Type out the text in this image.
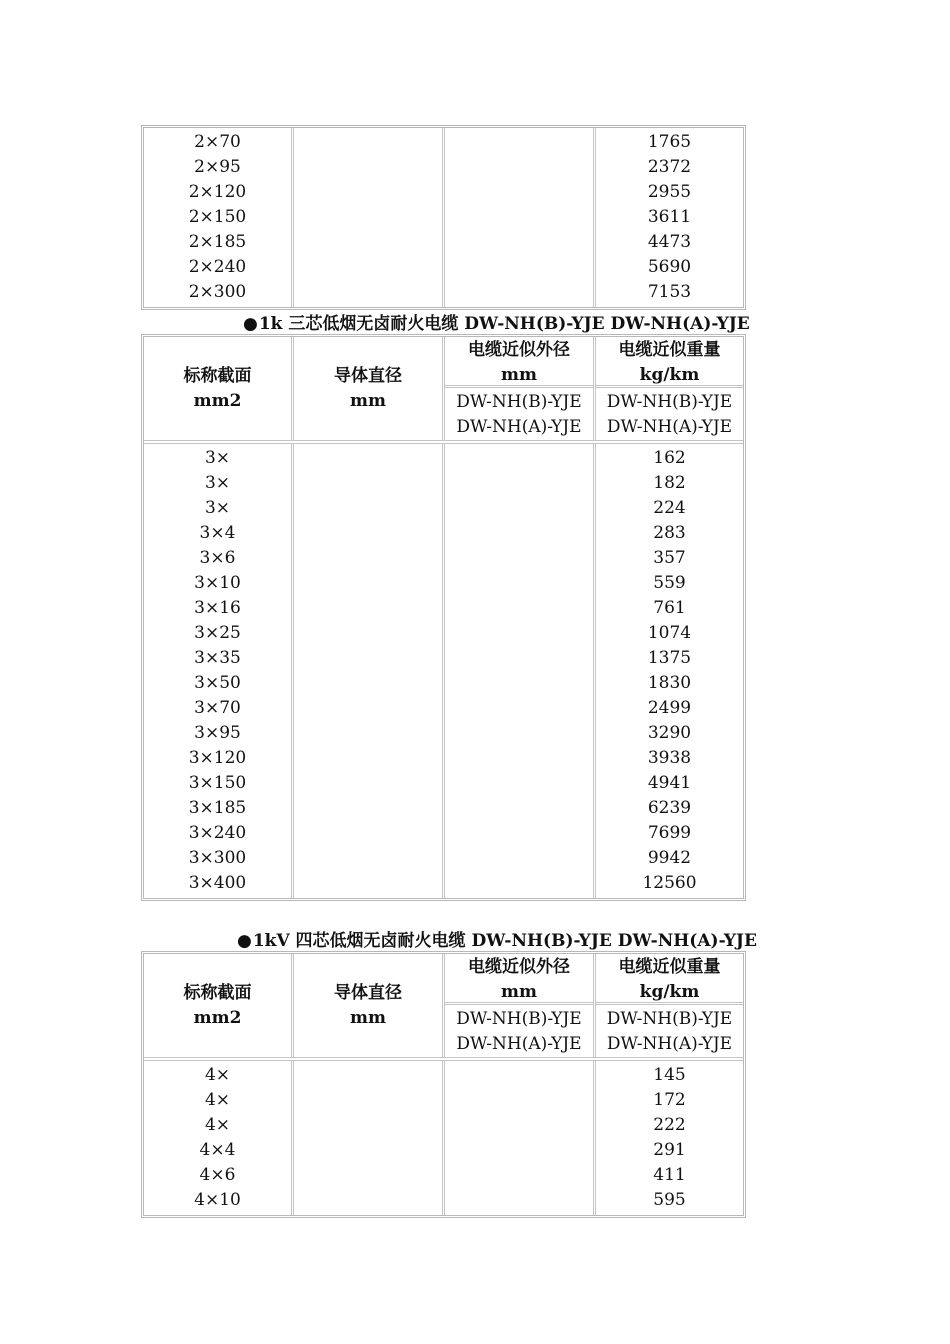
2×70
2×95
2×120
2×150
2×185
2×240
2×300
1765
2372
2955
3611
4473
5690
7153
●1k 三芯低烟无卤耐火电缆 DW-NH(B)-YJE DW-NH(A)-YJE
标称截面
mm2
导体直径
mm
电缆近似外径
mm
DW-NH(B)-YJE
DW-NH(A)-YJE
电缆近似重量
kg/km
DW-NH(B)-YJE
DW-NH(A)-YJE
3×
3×
3×
3×4
3×6
3×10
3×16
3×25
3×35
3×50
3×70
3×95
3×120
3×150
3×185
3×240
3×300
3×400
162
182
224
283
357
559
761
1074
1375
1830
2499
3290
3938
4941
6239
7699
9942
12560
●1kV 四芯低烟无卤耐火电缆 DW-NH(B)-YJE DW-NH(A)-YJE
标称截面
mm2
导体直径
mm
电缆近似外径
mm
DW-NH(B)-YJE
DW-NH(A)-YJE
电缆近似重量
kg/km
DW-NH(B)-YJE
DW-NH(A)-YJE
4×
4×
4×
4×4
4×6
4×10
145
172
222
291
411
595
